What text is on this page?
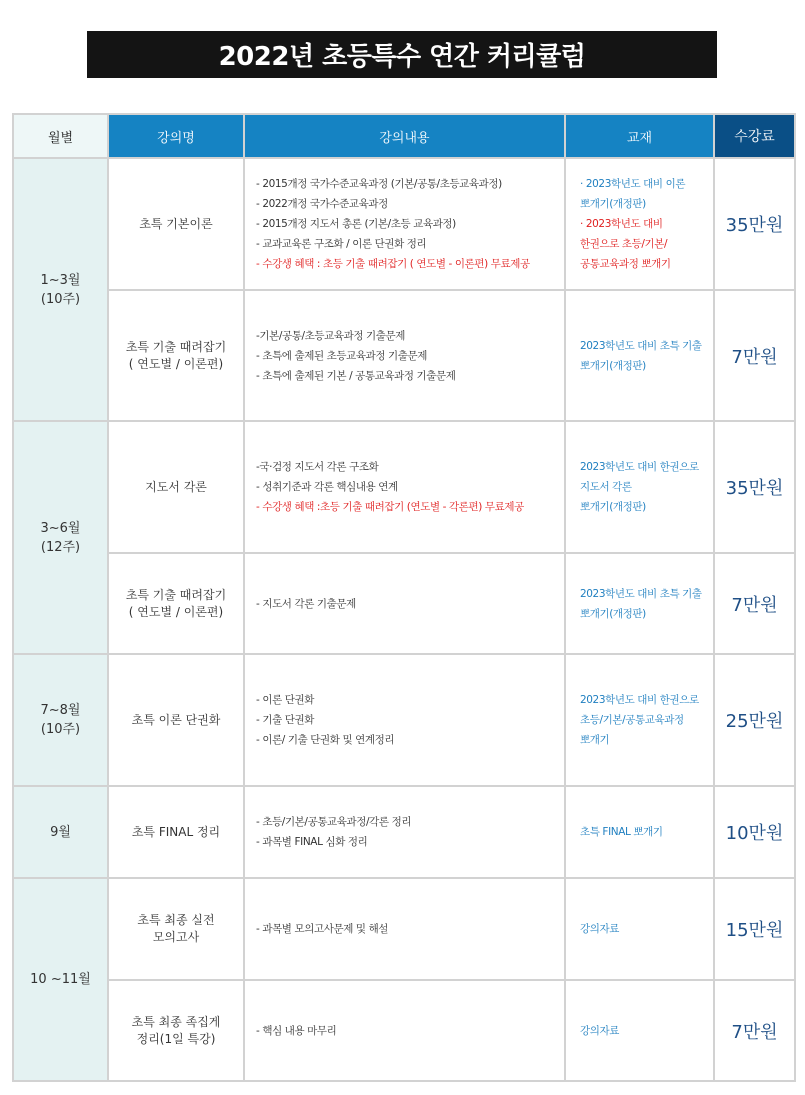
2022년 초등특수 연간 커리큘럼
월별	강의명	강의내용	교재	수강료

1~3월
(10주)	초특 기본이론	- 2015개정 국가수준교육과정 (기본/공통/초등교육과정)
- 2022개정 국가수준교육과정
- 2015개정 지도서 총론 (기본/초등 교육과정)
- 교과교육론 구조화 / 이론 단권화 정리
- 수강생 혜택 : 초등 기출 때려잡기 ( 연도별 - 이론편) 무료제공	· 2023학년도 대비 이론
뽀개기(개정판)
· 2023학년도 대비
한권으로 초등/기본/
공통교육과정 뽀개기	35만원

	초특 기출 때려잡기
( 연도별 / 이론편)	-기본/공통/초등교육과정 기출문제
- 초특에 출제된 초등교육과정 기출문제
- 초특에 출제된 기본 / 공통교육과정 기출문제	2023학년도 대비 초특 기출
뽀개기(개정판)	7만원

3~6월
(12주)	지도서 각론	-국·검정 지도서 각론 구조화
- 성취기준과 각론 핵심내용 연계
- 수강생 혜택 :초등 기출 때려잡기 (연도별 - 각론편) 무료제공	2023학년도 대비 한권으로
지도서 각론
뽀개기(개정판)	35만원

	초특 기출 때려잡기
( 연도별 / 이론편)	- 지도서 각론 기출문제	2023학년도 대비 초특 기출
뽀개기(개정판)	7만원

7~8월
(10주)	초특 이론 단권화	- 이론 단권화
- 기출 단권화
- 이론/ 기출 단권화 및 연계정리	2023학년도 대비 한권으로
초등/기본/공통교육과정
뽀개기	25만원

9월	초특 FINAL 정리	- 초등/기본/공통교육과정/각론 정리
- 과목별 FINAL 심화 정리	초특 FINAL 뽀개기	10만원

10 ~11월	초특 최종 실전
모의고사	- 과목별 모의고사문제 및 해설	강의자료	15만원

	초특 최종 족집게
정리(1일 특강)	- 핵심 내용 마무리	강의자료	7만원
